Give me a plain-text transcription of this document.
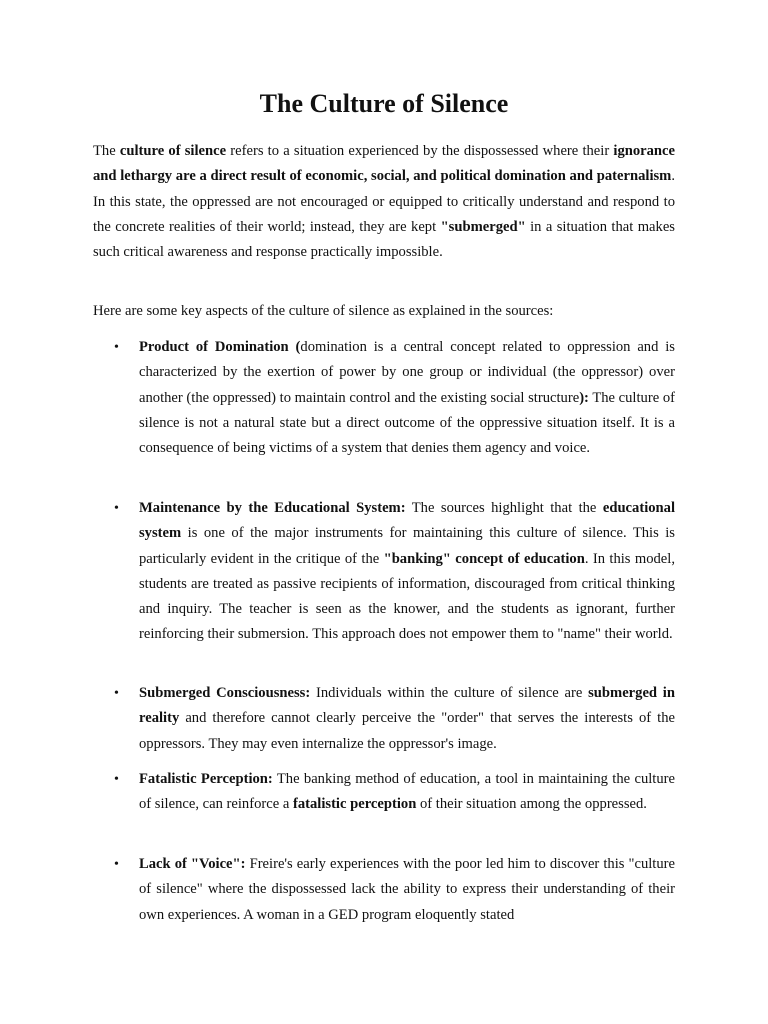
The Culture of Silence

The culture of silence refers to a situation experienced by the dispossessed where their ignorance and lethargy are a direct result of economic, social, and political domination and paternalism. In this state, the oppressed are not encouraged or equipped to critically understand and respond to the concrete realities of their world; instead, they are kept "submerged" in a situation that makes such critical awareness and response practically impossible.

Here are some key aspects of the culture of silence as explained in the sources:

• Product of Domination (domination is a central concept related to oppression and is characterized by the exertion of power by one group or individual (the oppressor) over another (the oppressed) to maintain control and the existing social structure): The culture of silence is not a natural state but a direct outcome of the oppressive situation itself. It is a consequence of being victims of a system that denies them agency and voice.
• Maintenance by the Educational System: The sources highlight that the educational system is one of the major instruments for maintaining this culture of silence. This is particularly evident in the critique of the "banking" concept of education. In this model, students are treated as passive recipients of information, discouraged from critical thinking and inquiry. The teacher is seen as the knower, and the students as ignorant, further reinforcing their submersion. This approach does not empower them to "name" their world.
• Submerged Consciousness: Individuals within the culture of silence are submerged in reality and therefore cannot clearly perceive the "order" that serves the interests of the oppressors. They may even internalize the oppressor's image.
• Fatalistic Perception: The banking method of education, a tool in maintaining the culture of silence, can reinforce a fatalistic perception of their situation among the oppressed.
• Lack of "Voice": Freire's early experiences with the poor led him to discover this "culture of silence" where the dispossessed lack the ability to express their understanding of their own experiences. A woman in a GED program eloquently stated
